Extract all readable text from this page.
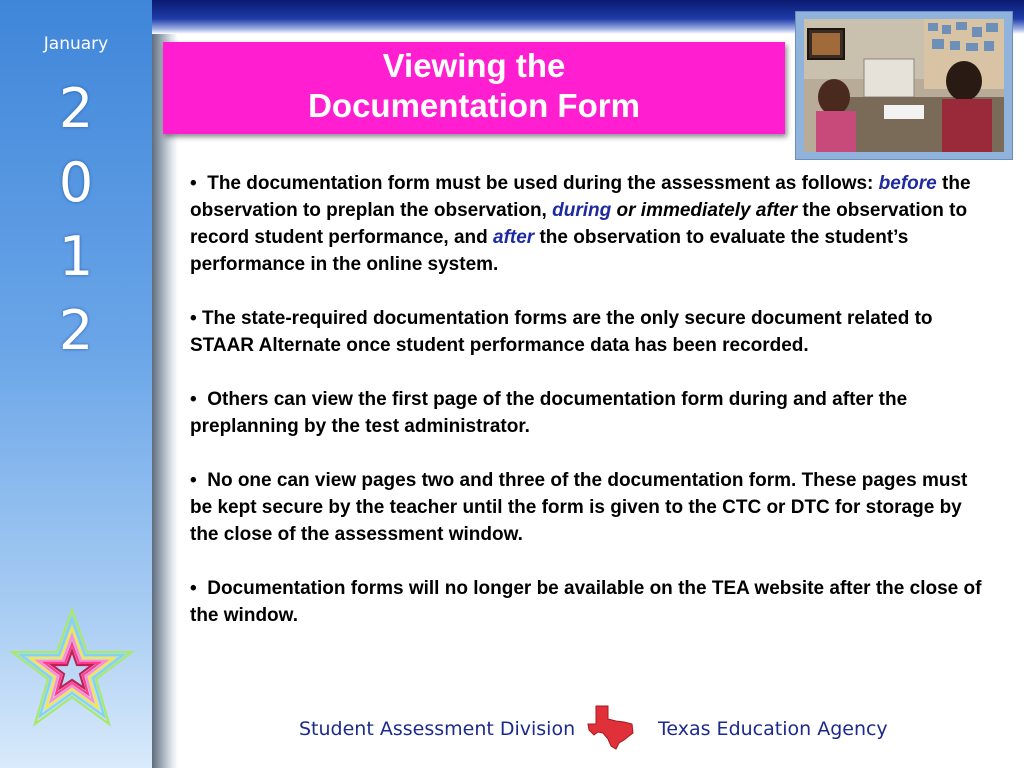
January
2
0
1
2
Viewing the
Documentation Form

•  The documentation form must be used during the assessment as follows: before the observation to preplan the observation, during or immediately after the observation to record student performance, and after the observation to evaluate the student’s performance in the online system.

• The state-required documentation forms are the only secure document related to STAAR Alternate once student performance data has been recorded.

•  Others can view the first page of the documentation form during and after the preplanning by the test administrator.

•  No one can view pages two and three of the documentation form. These pages must be kept secure by the teacher until the form is given to the CTC or DTC for storage by the close of the assessment window.

•  Documentation forms will no longer be available on the TEA website after the close of the window.

Student Assessment Division	Texas Education Agency
